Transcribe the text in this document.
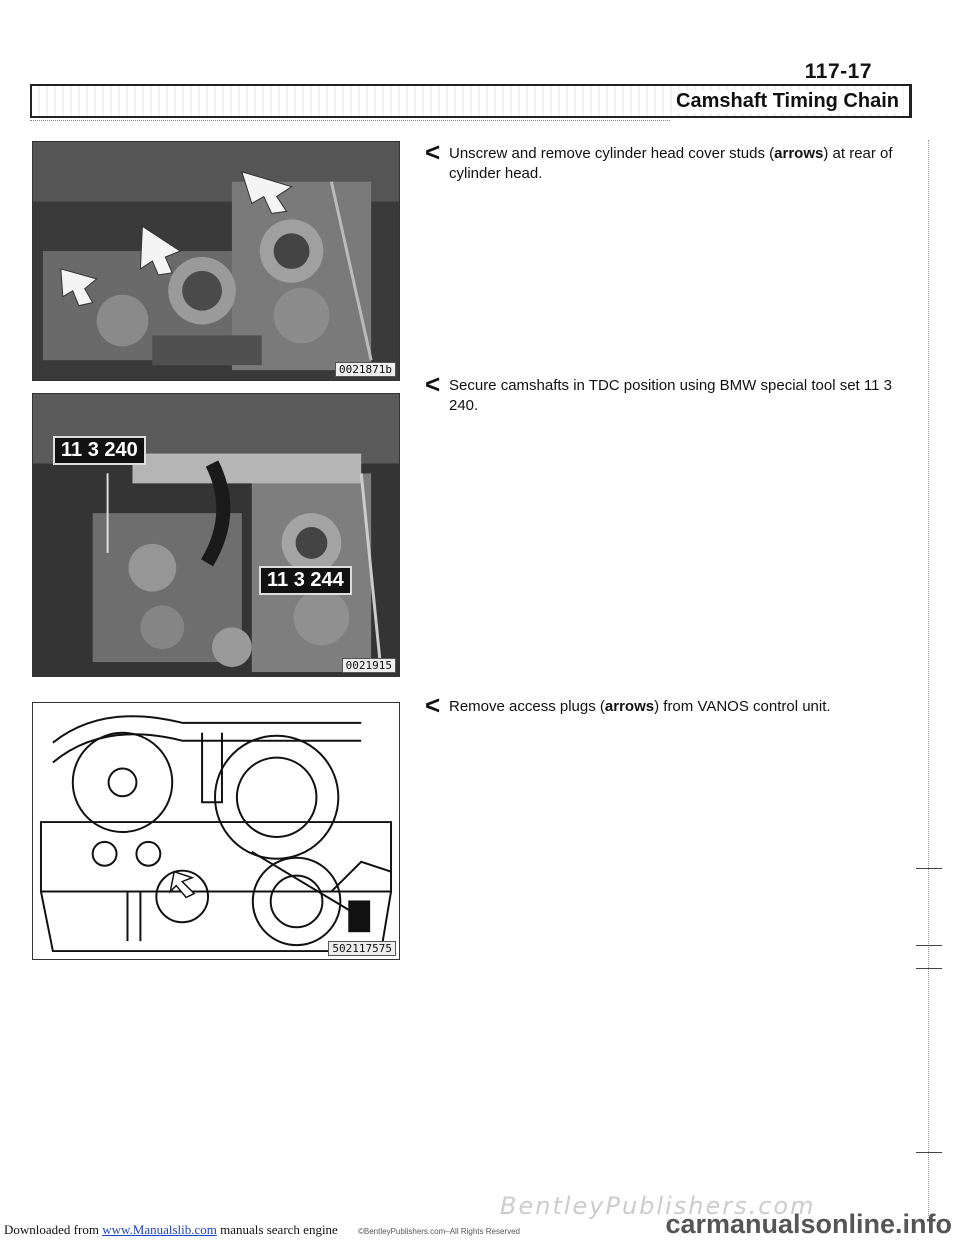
117-17
Camshaft Timing Chain
0021871b
11 3 240
11 3 244
0021915
502117575
< Unscrew and remove cylinder head cover studs (arrows) at rear of cylinder head.
< Secure camshafts in TDC position using BMW special tool set 11 3 240.
< Remove access plugs (arrows) from VANOS control unit.
Downloaded from www.Manualslib.com manuals search engine
BentleyPublishers.com
©BentleyPublishers.com–All Rights Reserved	carmanualsonline.info
